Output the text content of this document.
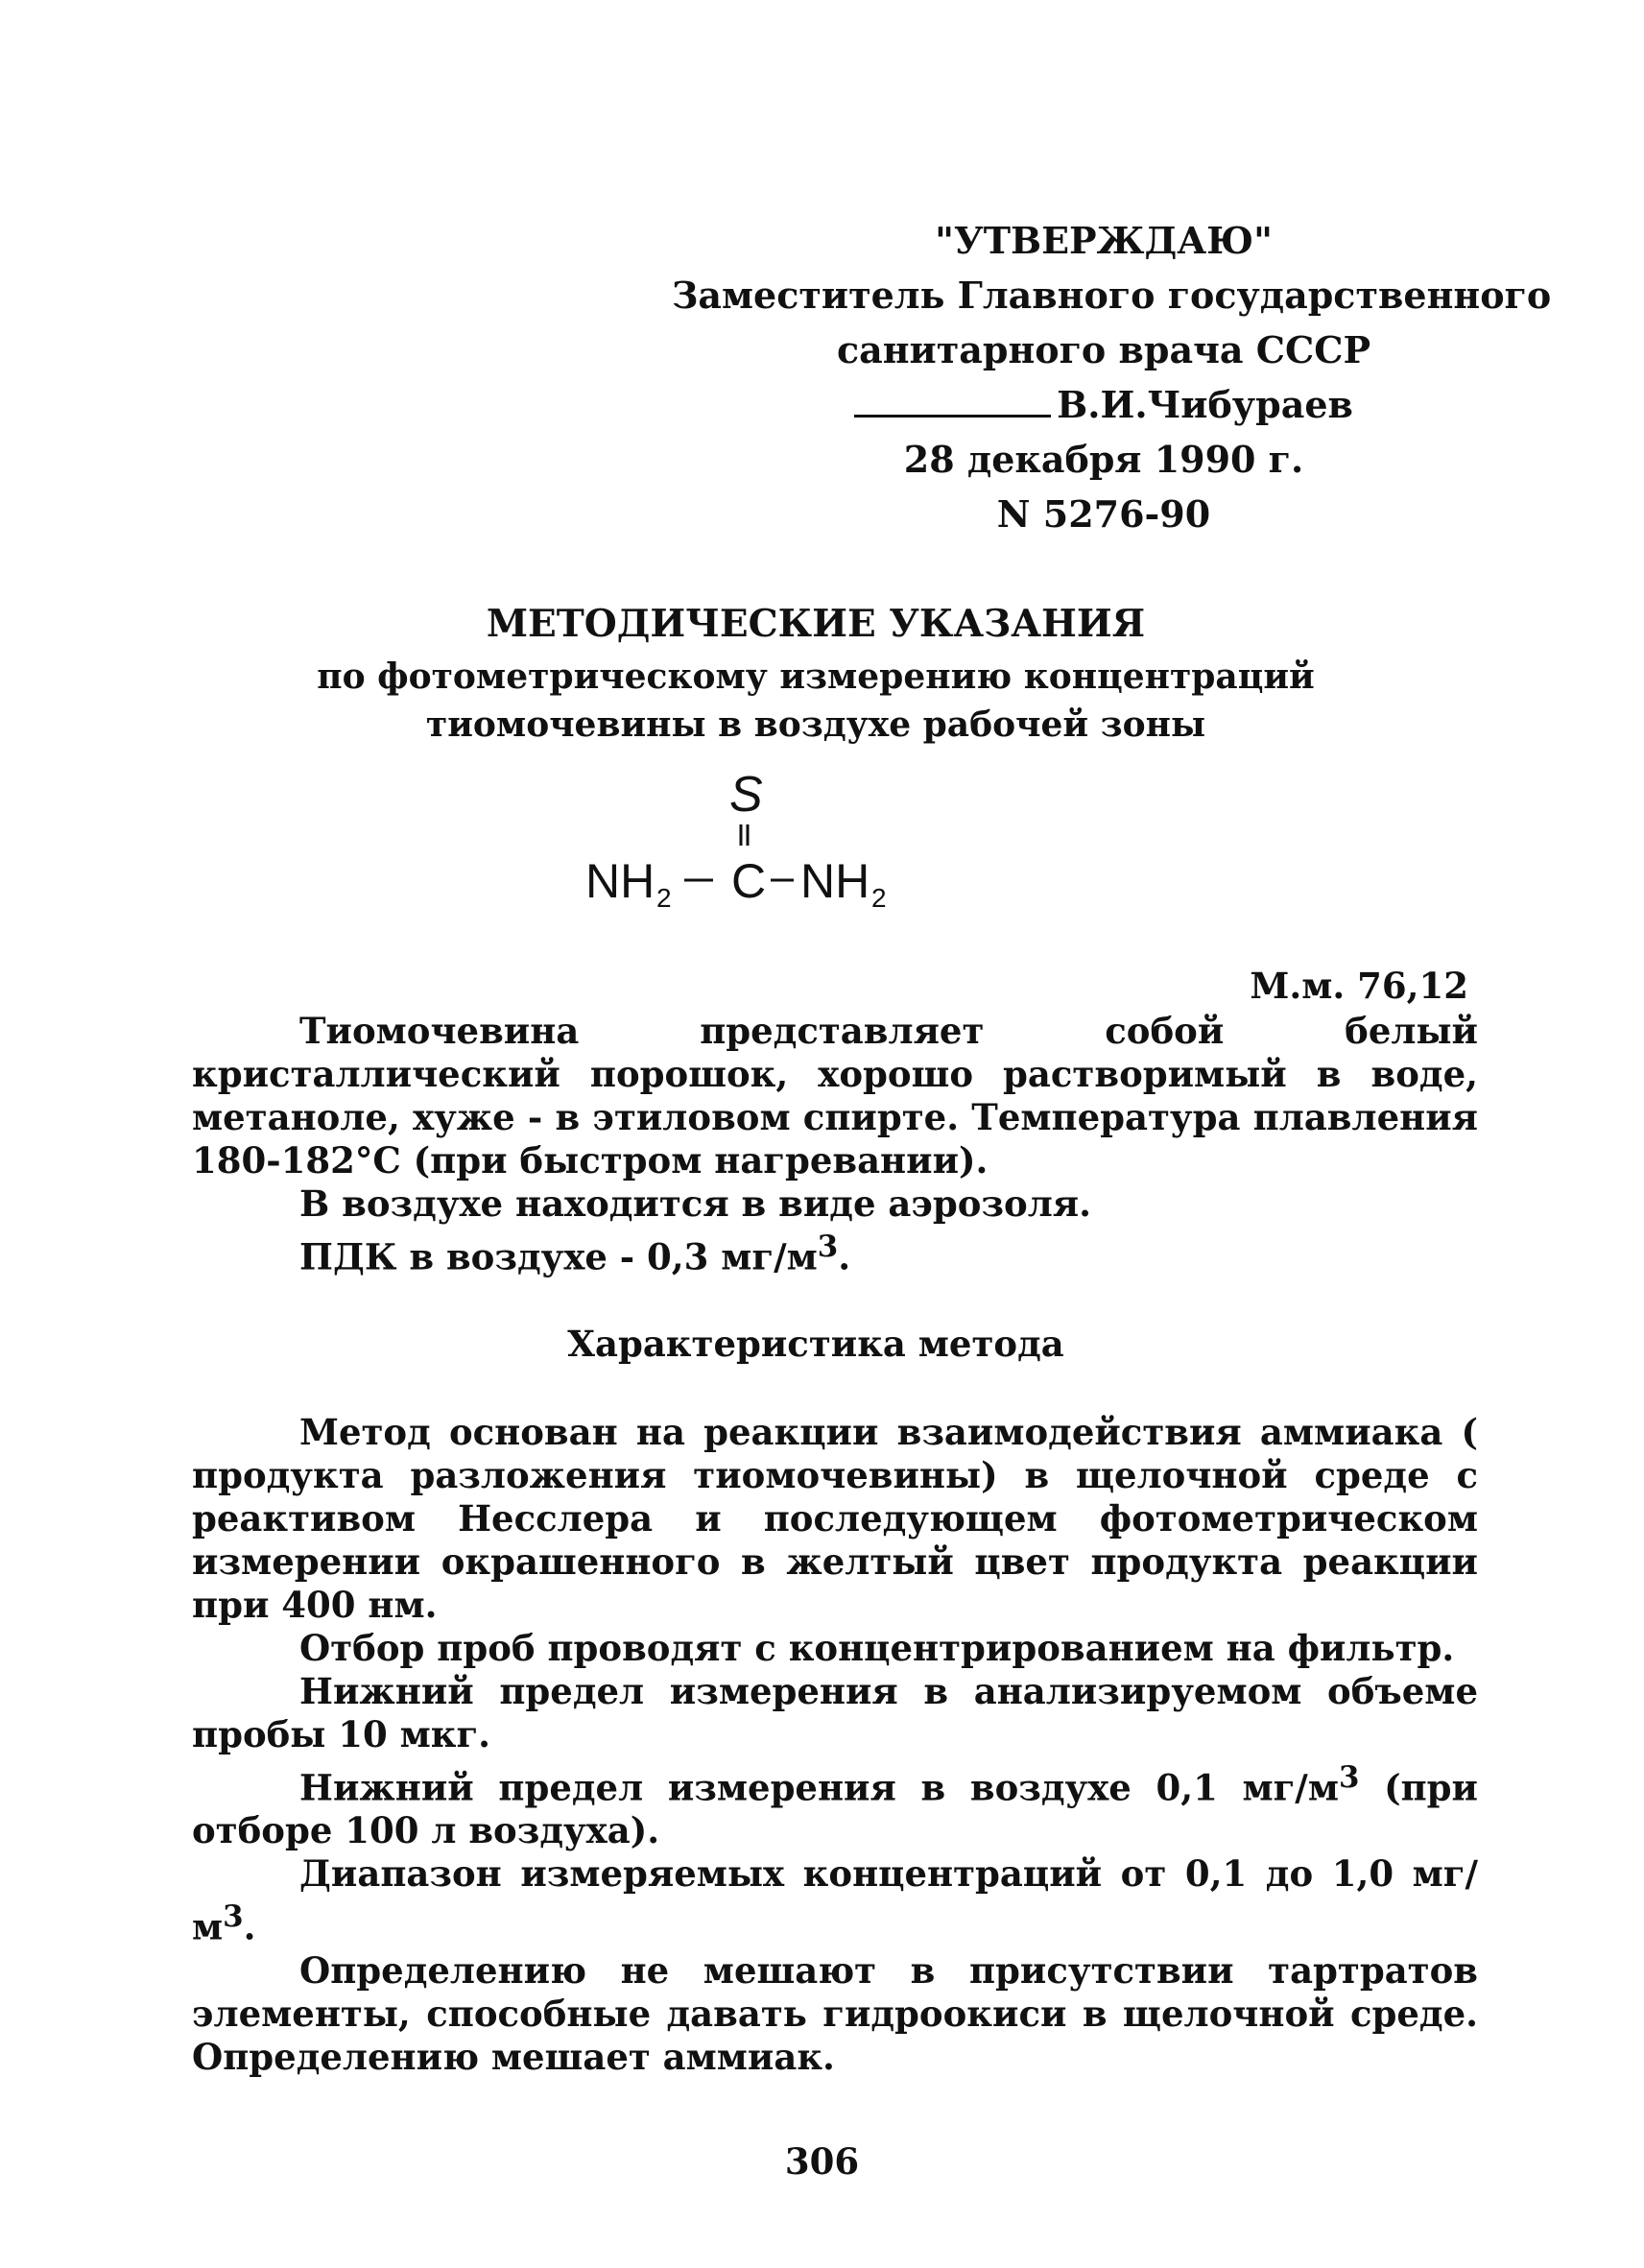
"УТВЕРЖДАЮ"
Заместитель Главного государственного
санитарного врача СССР
В.И.Чибураев
28 декабря 1990 г.
N 5276-90
МЕТОДИЧЕСКИЕ УКАЗАНИЯ
по фотометрическому измерению концентраций
тиомочевины в воздухе рабочей зоны
S
NH 2 C NH 2
М.м. 76,12

Тиомочевина представляет собой белый кристаллический порошок, хорошо растворимый в воде, метаноле, хуже - в этиловом спирте. Температура плавления 180-182°С (при быстром нагревании).

В воздухе находится в виде аэрозоля.

ПДК в воздухе - 0,3 $мг/м^3$.

Характеристика метода

Метод основан на реакции взаимодействия аммиака ( продукта разложения тиомочевины) в щелочной среде с реактивом Несслера и последующем фотометрическом измерении окрашенного в желтый цвет продукта реакции при 400 нм.

Отбор проб проводят с концентрированием на фильтр.

Нижний предел измерения в анализируемом объеме пробы 10 мкг.

Нижний предел измерения в воздухе 0,1 $мг/м^3$ (при отборе 100 л воздуха).

Диапазон измеряемых концентраций от 0,1 до 1,0 $мг/м^3$.

Определению не мешают в присутствии тартратов элементы, способные давать гидроокиси в щелочной среде. Определению мешает аммиак.

306
